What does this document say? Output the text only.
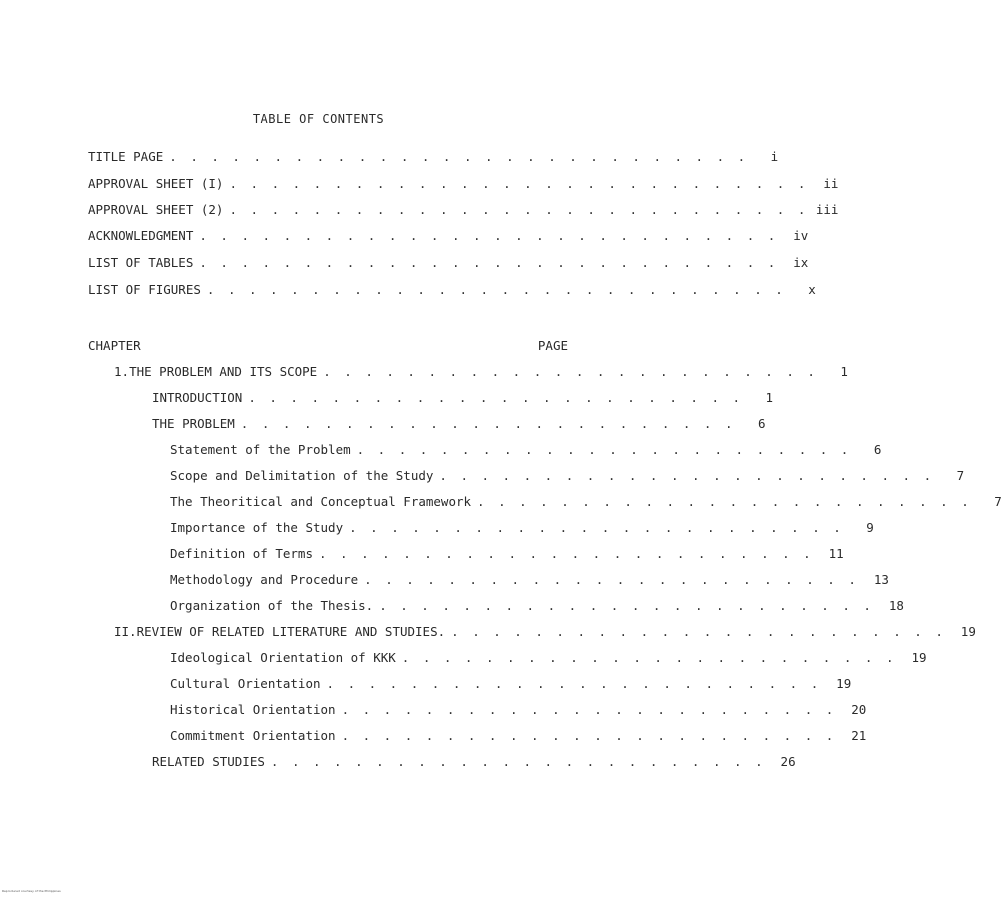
TABLE OF CONTENTS
TITLE PAGE . . . . . . . . . . . . . . . . . . . . . . . . . . . .	i
APPROVAL SHEET (I) . . . . . . . . . . . . . . . . . . . . . . . . . . . .	ii
APPROVAL SHEET (2) . . . . . . . . . . . . . . . . . . . . . . . . . . . . iii
ACKNOWLEDGMENT . . . . . . . . . . . . . . . . . . . . . . . . . . . .	iv
LIST OF TABLES . . . . . . . . . . . . . . . . . . . . . . . . . . . .	ix
LIST OF FIGURES . . . . . . . . . . . . . . . . . . . . . . . . . . . .	x
CHAPTER	PAGE
1. THE PROBLEM AND ITS SCOPE . . . . . . . . . . . . . . . . . . . . . . . .	1
INTRODUCTION . . . . . . . . . . . . . . . . . . . . . . . .	1
THE PROBLEM . . . . . . . . . . . . . . . . . . . . . . . .	6
Statement of the Problem . . . . . . . . . . . . . . . . . . . . . . . .	6
Scope and Delimitation of the Study . . . . . . . . . . . . . . . . . . . . . . . .	7
The Theoritical and Conceptual Framework . . . . . . . . . . . . . . . . . . . . . . . .	7
Importance of the Study . . . . . . . . . . . . . . . . . . . . . . . .	9
Definition of Terms . . . . . . . . . . . . . . . . . . . . . . . .	11
Methodology and Procedure . . . . . . . . . . . . . . . . . . . . . . . .	13
Organization of the Thesis. . . . . . . . . . . . . . . . . . . . . . . . .	18
II. REVIEW OF RELATED LITERATURE AND STUDIES. . . . . . . . . . . . . . . . . . . . . . . . .	19
Ideological Orientation of KKK . . . . . . . . . . . . . . . . . . . . . . . .	19
Cultural Orientation . . . . . . . . . . . . . . . . . . . . . . . .	19
Historical Orientation . . . . . . . . . . . . . . . . . . . . . . . .	20
Commitment Orientation . . . . . . . . . . . . . . . . . . . . . . . .	21
RELATED STUDIES . . . . . . . . . . . . . . . . . . . . . . . .	26
Reproduced courtesy of the Philippines
